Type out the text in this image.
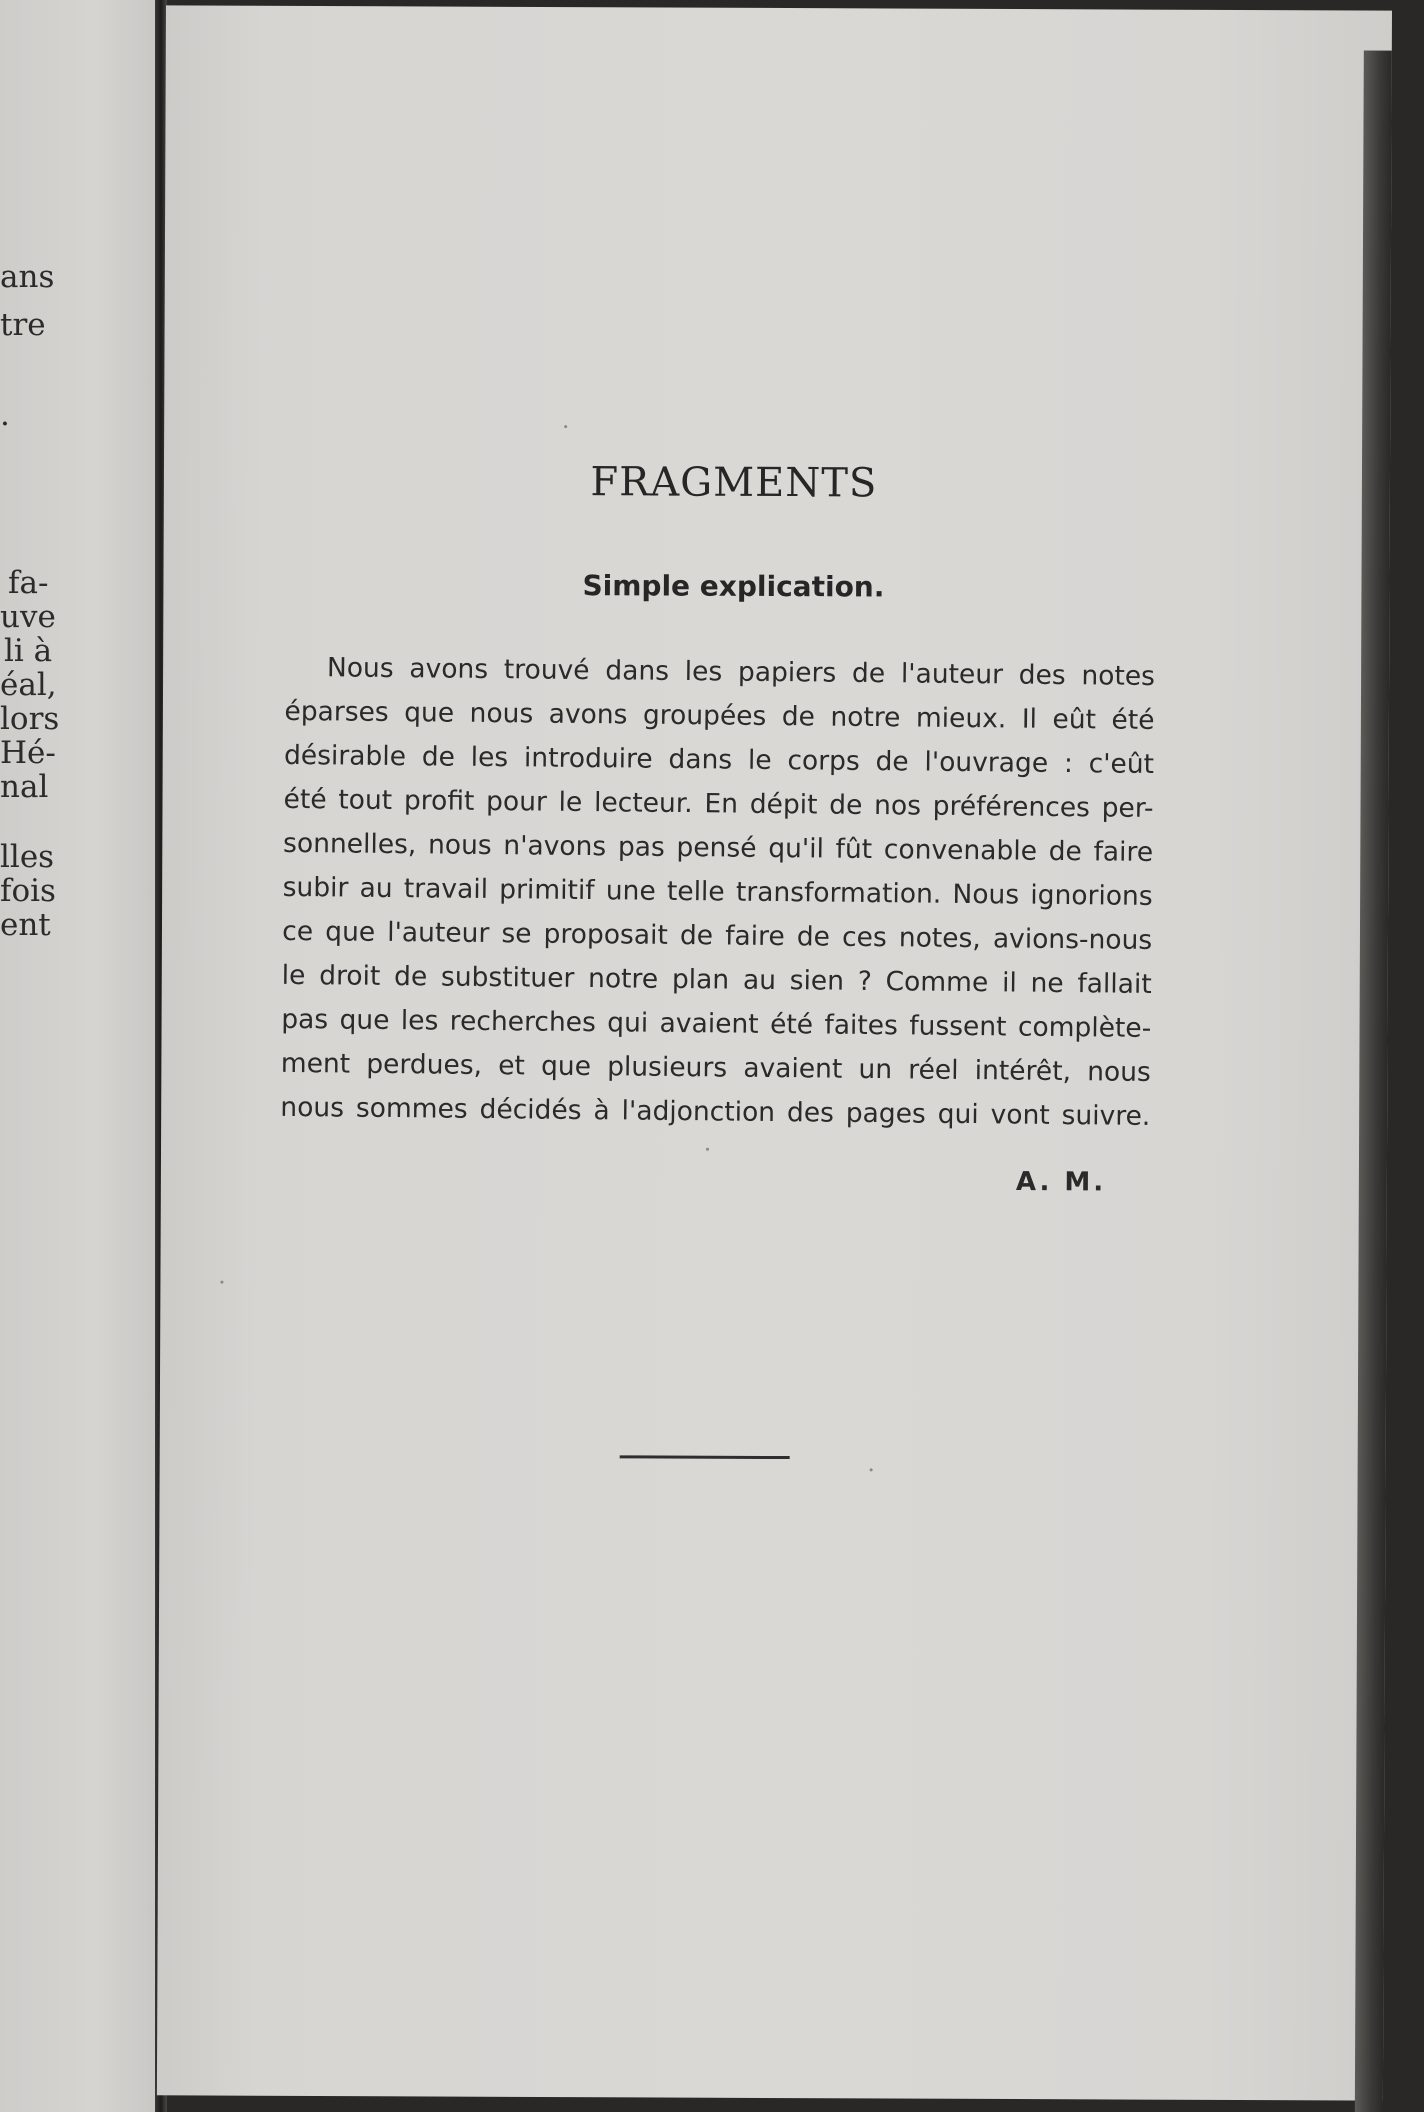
ans
tre
.
fa-
uve
li à
éal,
lors
Hé-
nal
lles
fois
ent
FRAGMENTS
Simple explication.
Nous avons trouvé dans les papiers de l'auteur des notes
éparses que nous avons groupées de notre mieux. Il eût été
désirable de les introduire dans le corps de l'ouvrage : c'eût
été tout profit pour le lecteur. En dépit de nos préférences per-
sonnelles, nous n'avons pas pensé qu'il fût convenable de faire
subir au travail primitif une telle transformation. Nous ignorions
ce que l'auteur se proposait de faire de ces notes, avions-nous
le droit de substituer notre plan au sien ? Comme il ne fallait
pas que les recherches qui avaient été faites fussent complète-
ment perdues, et que plusieurs avaient un réel intérêt, nous
nous sommes décidés à l'adjonction des pages qui vont suivre.
A. M.
